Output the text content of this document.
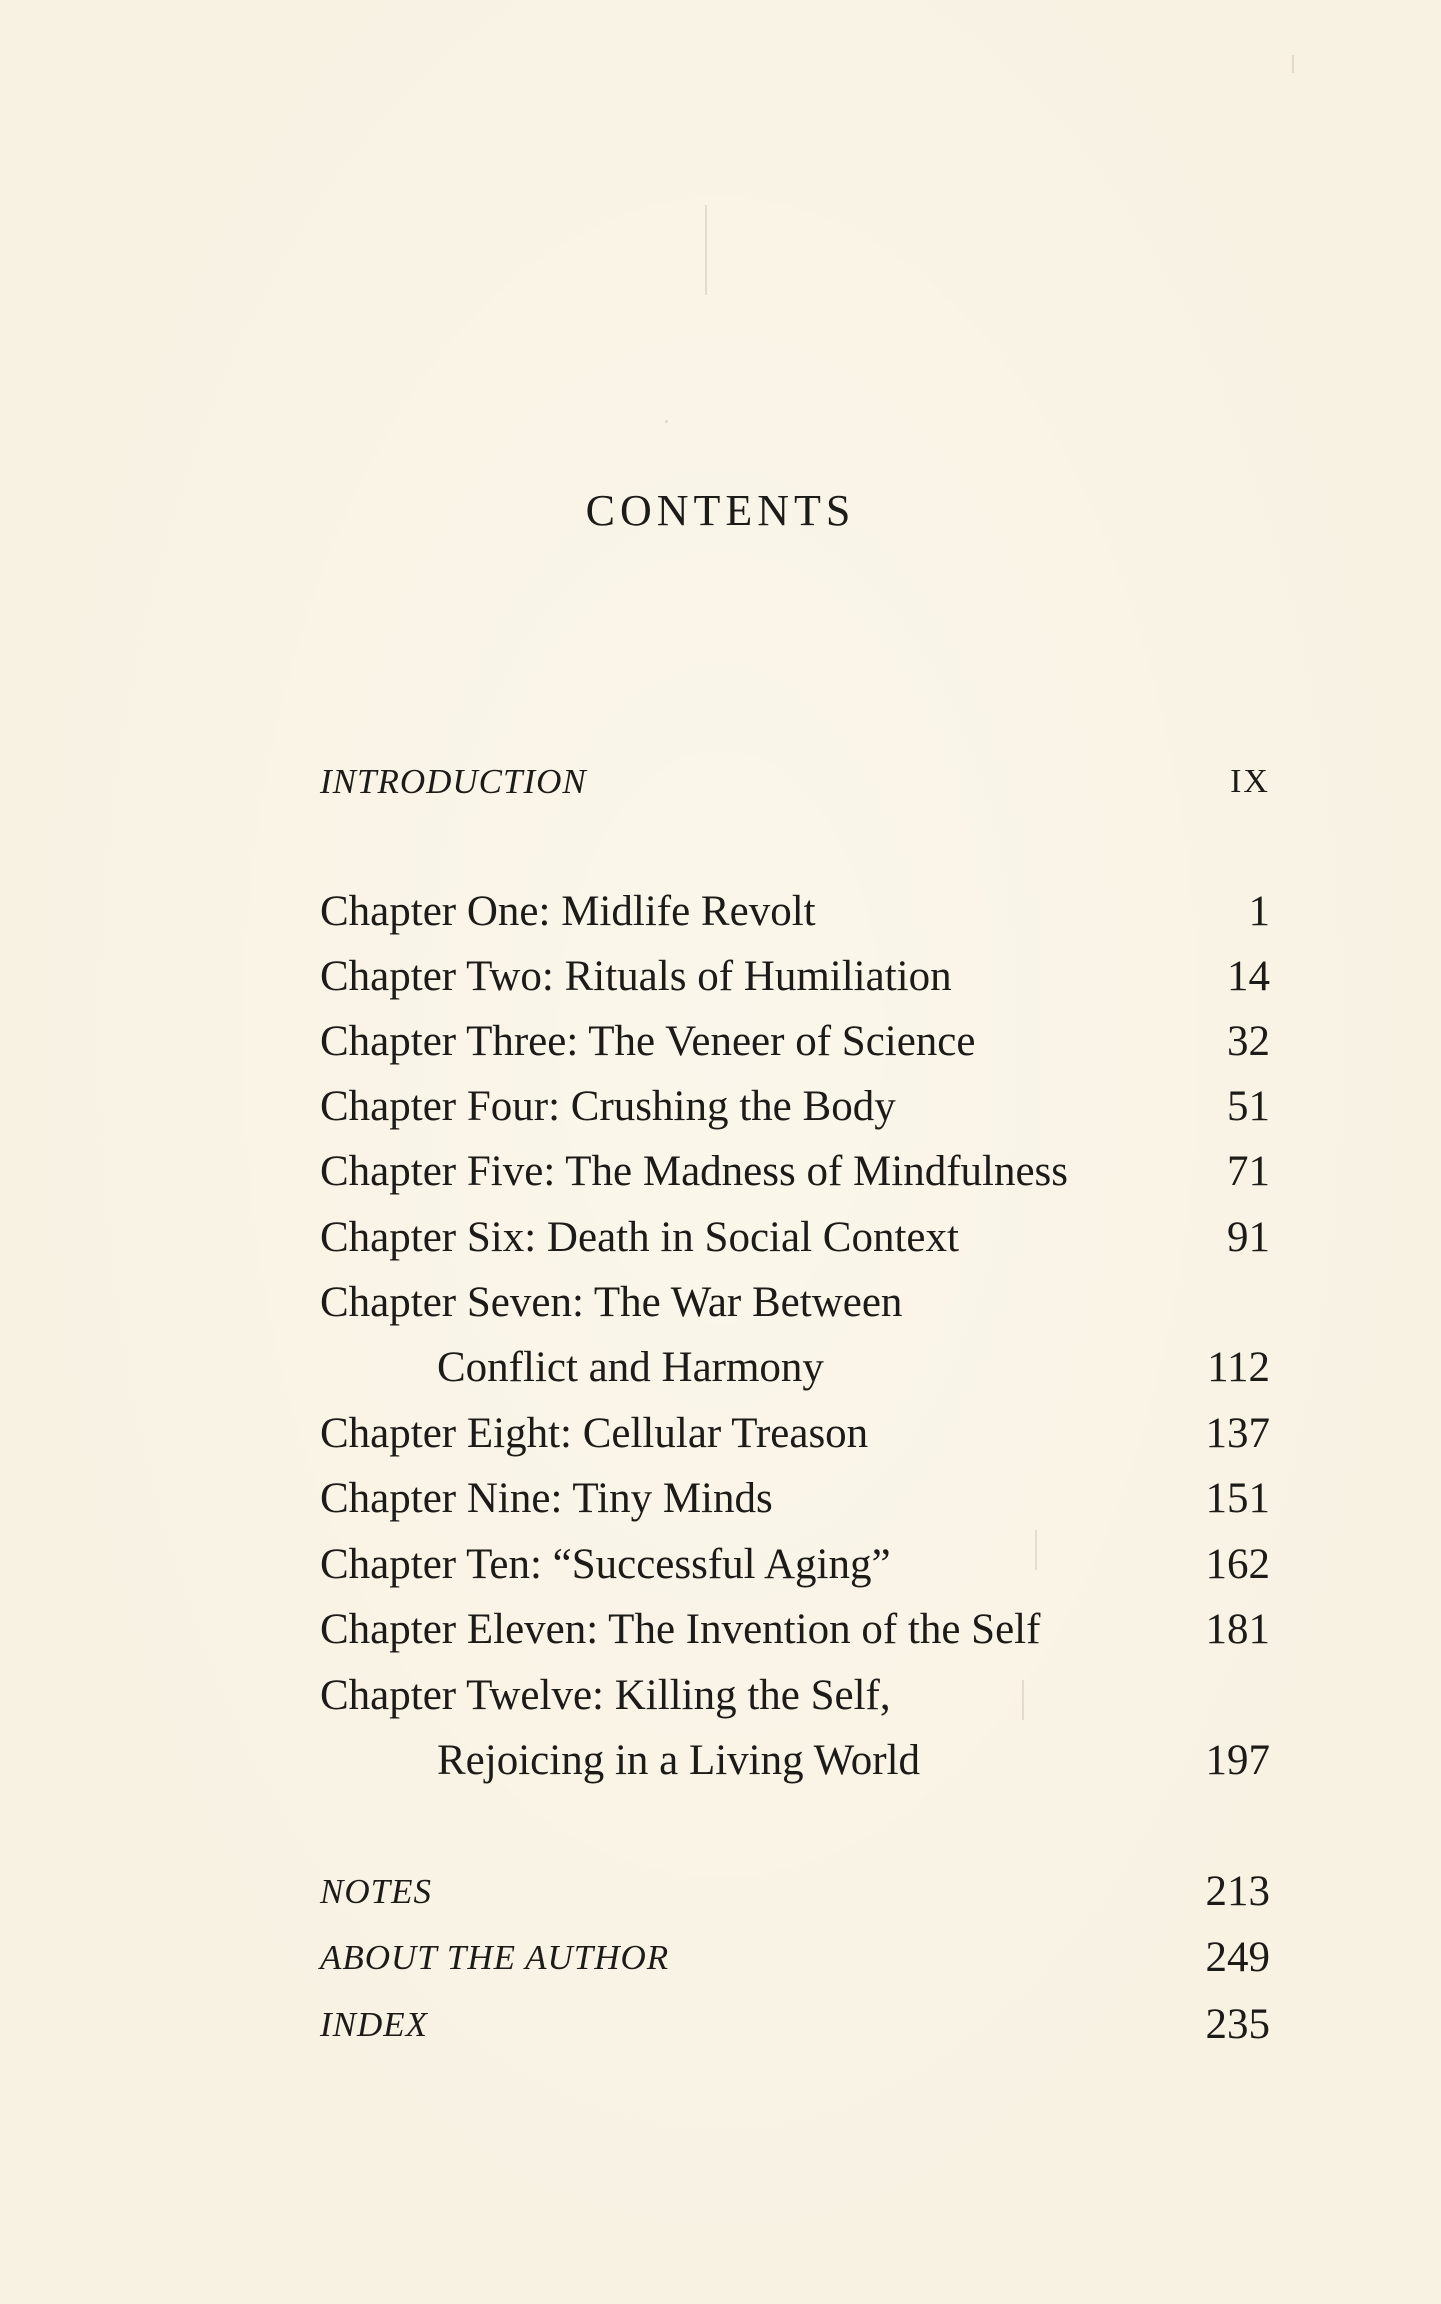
CONTENTS
INTRODUCTION	IX
Chapter One: Midlife Revolt	1
Chapter Two: Rituals of Humiliation	14
Chapter Three: The Veneer of Science	32
Chapter Four: Crushing the Body	51
Chapter Five: The Madness of Mindfulness	71
Chapter Six: Death in Social Context	91
Chapter Seven: The War Between
Conflict and Harmony	112
Chapter Eight: Cellular Treason	137
Chapter Nine: Tiny Minds	151
Chapter Ten: “Successful Aging”	162
Chapter Eleven: The Invention of the Self	181
Chapter Twelve: Killing the Self,
Rejoicing in a Living World	197
NOTES	213
ABOUT THE AUTHOR	249
INDEX	235
